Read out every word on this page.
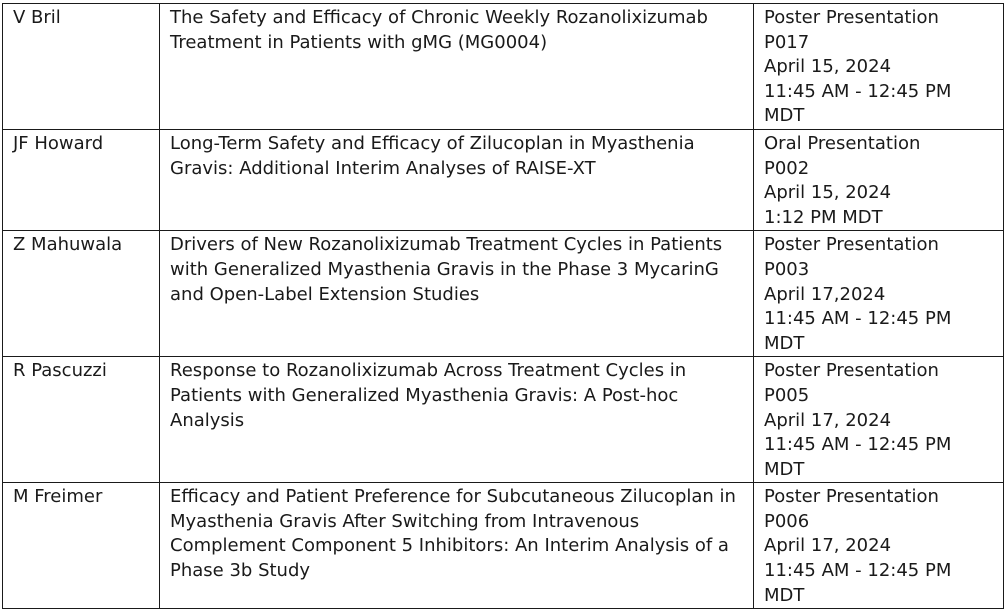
V Bril	The Safety and Efficacy of Chronic Weekly Rozanolixizumab Treatment in Patients with gMG (MG0004)	Poster Presentation
P017
April 15, 2024
11:45 AM - 12:45 PM
MDT

JF Howard	Long-Term Safety and Efficacy of Zilucoplan in Myasthenia Gravis: Additional Interim Analyses of RAISE-XT	Oral Presentation
P002
April 15, 2024
1:12 PM MDT

Z Mahuwala	Drivers of New Rozanolixizumab Treatment Cycles in Patients with Generalized Myasthenia Gravis in the Phase 3 MycarinG and Open-Label Extension Studies	Poster Presentation
P003
April 17,2024
11:45 AM - 12:45 PM
MDT

R Pascuzzi	Response to Rozanolixizumab Across Treatment Cycles in Patients with Generalized Myasthenia Gravis: A Post-hoc Analysis	Poster Presentation
P005
April 17, 2024
11:45 AM - 12:45 PM
MDT

M Freimer	Efficacy and Patient Preference for Subcutaneous Zilucoplan in Myasthenia Gravis After Switching from Intravenous Complement Component 5 Inhibitors: An Interim Analysis of a Phase 3b Study	Poster Presentation
P006
April 17, 2024
11:45 AM - 12:45 PM
MDT
